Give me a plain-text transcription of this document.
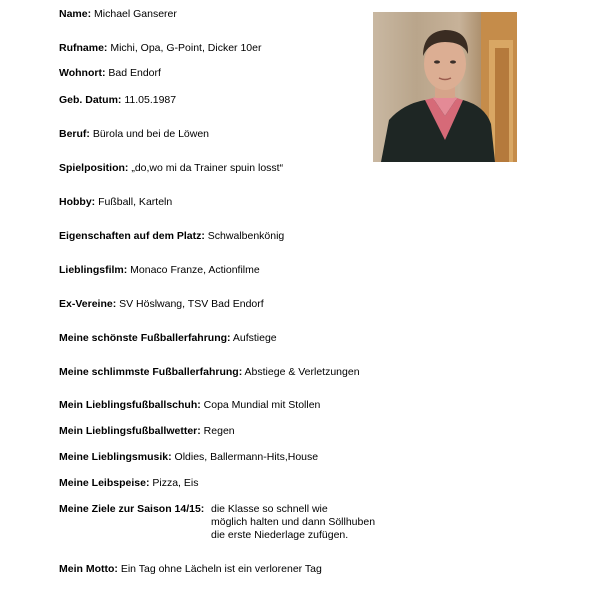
Name: Michael Ganserer
Rufname: Michi, Opa, G-Point, Dicker 10er
Wohnort: Bad Endorf
Geb. Datum: 11.05.1987
Beruf: Bürola und bei de Löwen
Spielposition: „do,wo mi da Trainer spuin losst“
Hobby: Fußball, Karteln
Eigenschaften auf dem Platz: Schwalbenkönig
Lieblingsfilm: Monaco Franze, Actionfilme
Ex-Vereine: SV Höslwang, TSV Bad Endorf
Meine schönste Fußballerfahrung: Aufstiege
Meine schlimmste Fußballerfahrung: Abstiege & Verletzungen
Mein Lieblingsfußballschuh: Copa Mundial mit Stollen
Mein Lieblingsfußballwetter: Regen
Meine Lieblingsmusik: Oldies, Ballermann-Hits,House
Meine Leibspeise: Pizza, Eis
Meine Ziele zur Saison 14/15: die Klasse so schnell wie
möglich halten und dann Söllhuben
die erste Niederlage zufügen.
Mein Motto: Ein Tag ohne Lächeln ist ein verlorener Tag
